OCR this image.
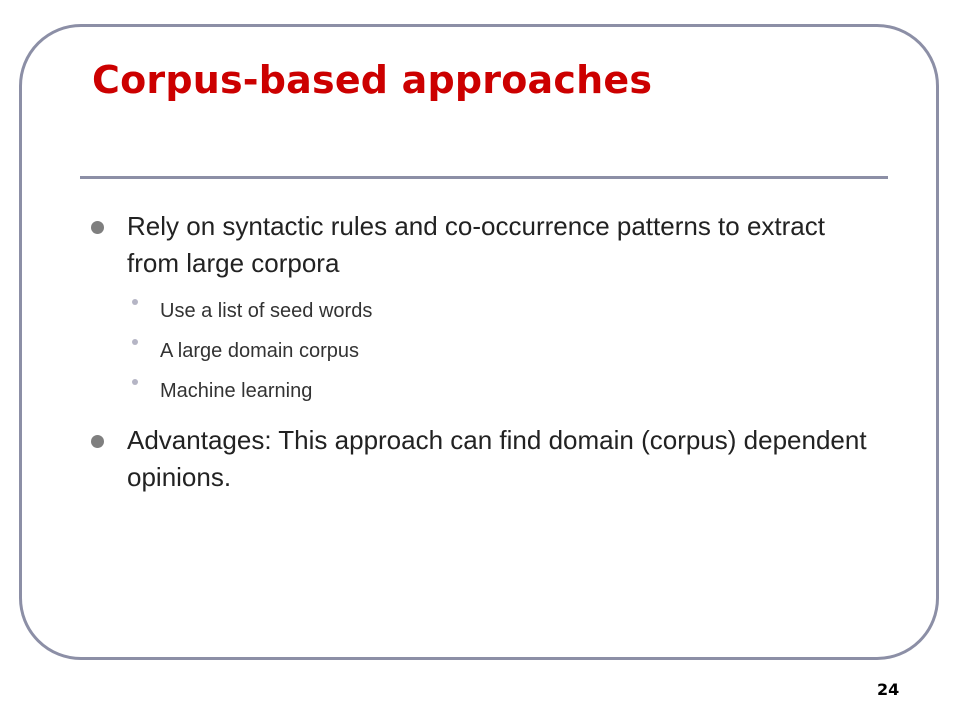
Corpus-based approaches

Rely on syntactic rules and co-occurrence patterns to extract from large corpora

Use a list of seed words

A large domain corpus

Machine learning

Advantages: This approach can find domain (corpus) dependent opinions.

24
